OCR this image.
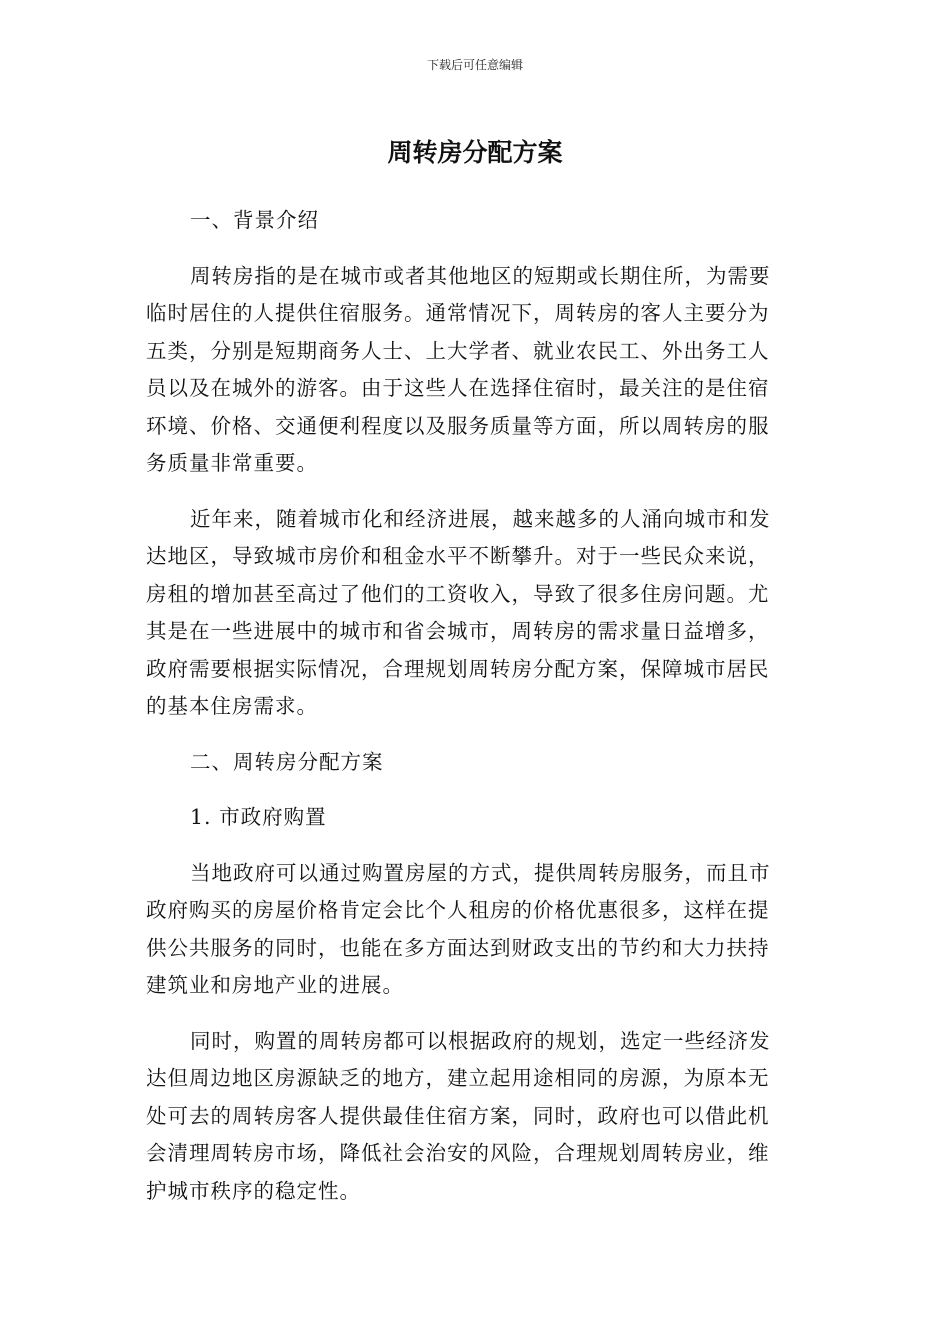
下载后可任意编辑
周转房分配方案
一、背景介绍
周转房指的是在城市或者其他地区的短期或长期住所，为需要
临时居住的人提供住宿服务。通常情况下，周转房的客人主要分为
五类，分别是短期商务人士、上大学者、就业农民工、外出务工人
员以及在城外的游客。由于这些人在选择住宿时，最关注的是住宿
环境、价格、交通便利程度以及服务质量等方面，所以周转房的服
务质量非常重要。
近年来，随着城市化和经济进展，越来越多的人涌向城市和发
达地区，导致城市房价和租金水平不断攀升。对于一些民众来说，
房租的增加甚至高过了他们的工资收入，导致了很多住房问题。尤
其是在一些进展中的城市和省会城市，周转房的需求量日益增多，
政府需要根据实际情况，合理规划周转房分配方案，保障城市居民
的基本住房需求。
二、周转房分配方案
1. 市政府购置
当地政府可以通过购置房屋的方式，提供周转房服务，而且市
政府购买的房屋价格肯定会比个人租房的价格优惠很多，这样在提
供公共服务的同时，也能在多方面达到财政支出的节约和大力扶持
建筑业和房地产业的进展。
同时，购置的周转房都可以根据政府的规划，选定一些经济发
达但周边地区房源缺乏的地方，建立起用途相同的房源，为原本无
处可去的周转房客人提供最佳住宿方案，同时，政府也可以借此机
会清理周转房市场，降低社会治安的风险，合理规划周转房业，维
护城市秩序的稳定性。
